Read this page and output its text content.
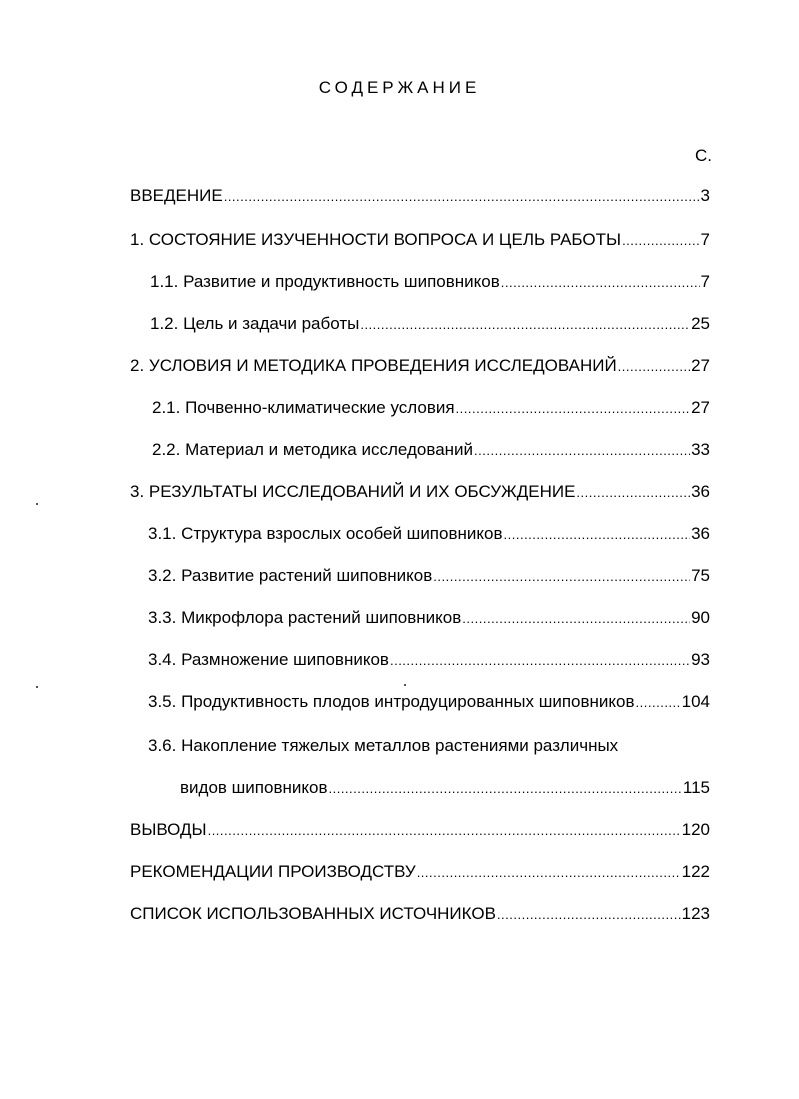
СОДЕРЖАНИЕ
С.
ВВЕДЕНИЕ .....	3
1. СОСТОЯНИЕ ИЗУЧЕННОСТИ ВОПРОСА И ЦЕЛЬ РАБОТЫ .....	7
1.1. Развитие и продуктивность шиповников .....	7
1.2. Цель и задачи работы .....	25
2. УСЛОВИЯ И МЕТОДИКА ПРОВЕДЕНИЯ ИССЛЕДОВАНИЙ .....	27
2.1. Почвенно-климатические условия .....	27
2.2. Материал и методика исследований .....	33
3. РЕЗУЛЬТАТЫ ИССЛЕДОВАНИЙ И ИХ ОБСУЖДЕНИЕ .....	36
3.1. Структура взрослых особей шиповников .....	36
3.2. Развитие растений шиповников .....	75
3.3. Микрофлора растений шиповников .....	90
3.4. Размножение шиповников .....	93
3.5. Продуктивность плодов интродуцированных шиповников .....	104
3.6. Накопление тяжелых металлов растениями различных
видов шиповников .....	115
ВЫВОДЫ .....	120
РЕКОМЕНДАЦИИ ПРОИЗВОДСТВУ .....	122
СПИСОК ИСПОЛЬЗОВАННЫХ ИСТОЧНИКОВ .....	123
